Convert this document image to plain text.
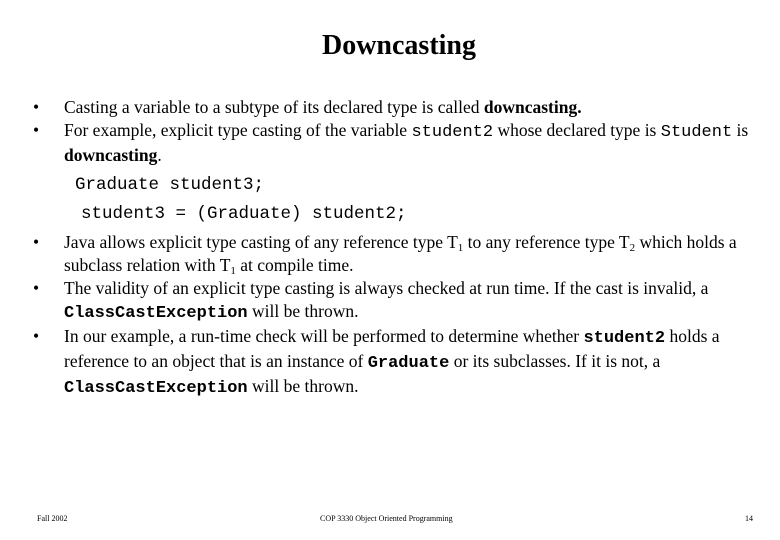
Downcasting
• Casting a variable to a subtype of its declared type is called downcasting.
• For example, explicit type casting of the variable student2 whose declared type is Student is downcasting.
Graduate student3;
student3 = (Graduate) student2;
• Java allows explicit type casting of any reference type $T_1$ to any reference type $T_2$ which holds a subclass relation with $T_1$ at compile time.
• The validity of an explicit type casting is always checked at run time. If the cast is invalid, a ClassCastException will be thrown.
• In our example, a run-time check will be performed to determine whether student2 holds a reference to an object that is an instance of Graduate or its subclasses. If it is not, a ClassCastException will be thrown.
Fall 2002	COP 3330 Object Oriented Programming	14
